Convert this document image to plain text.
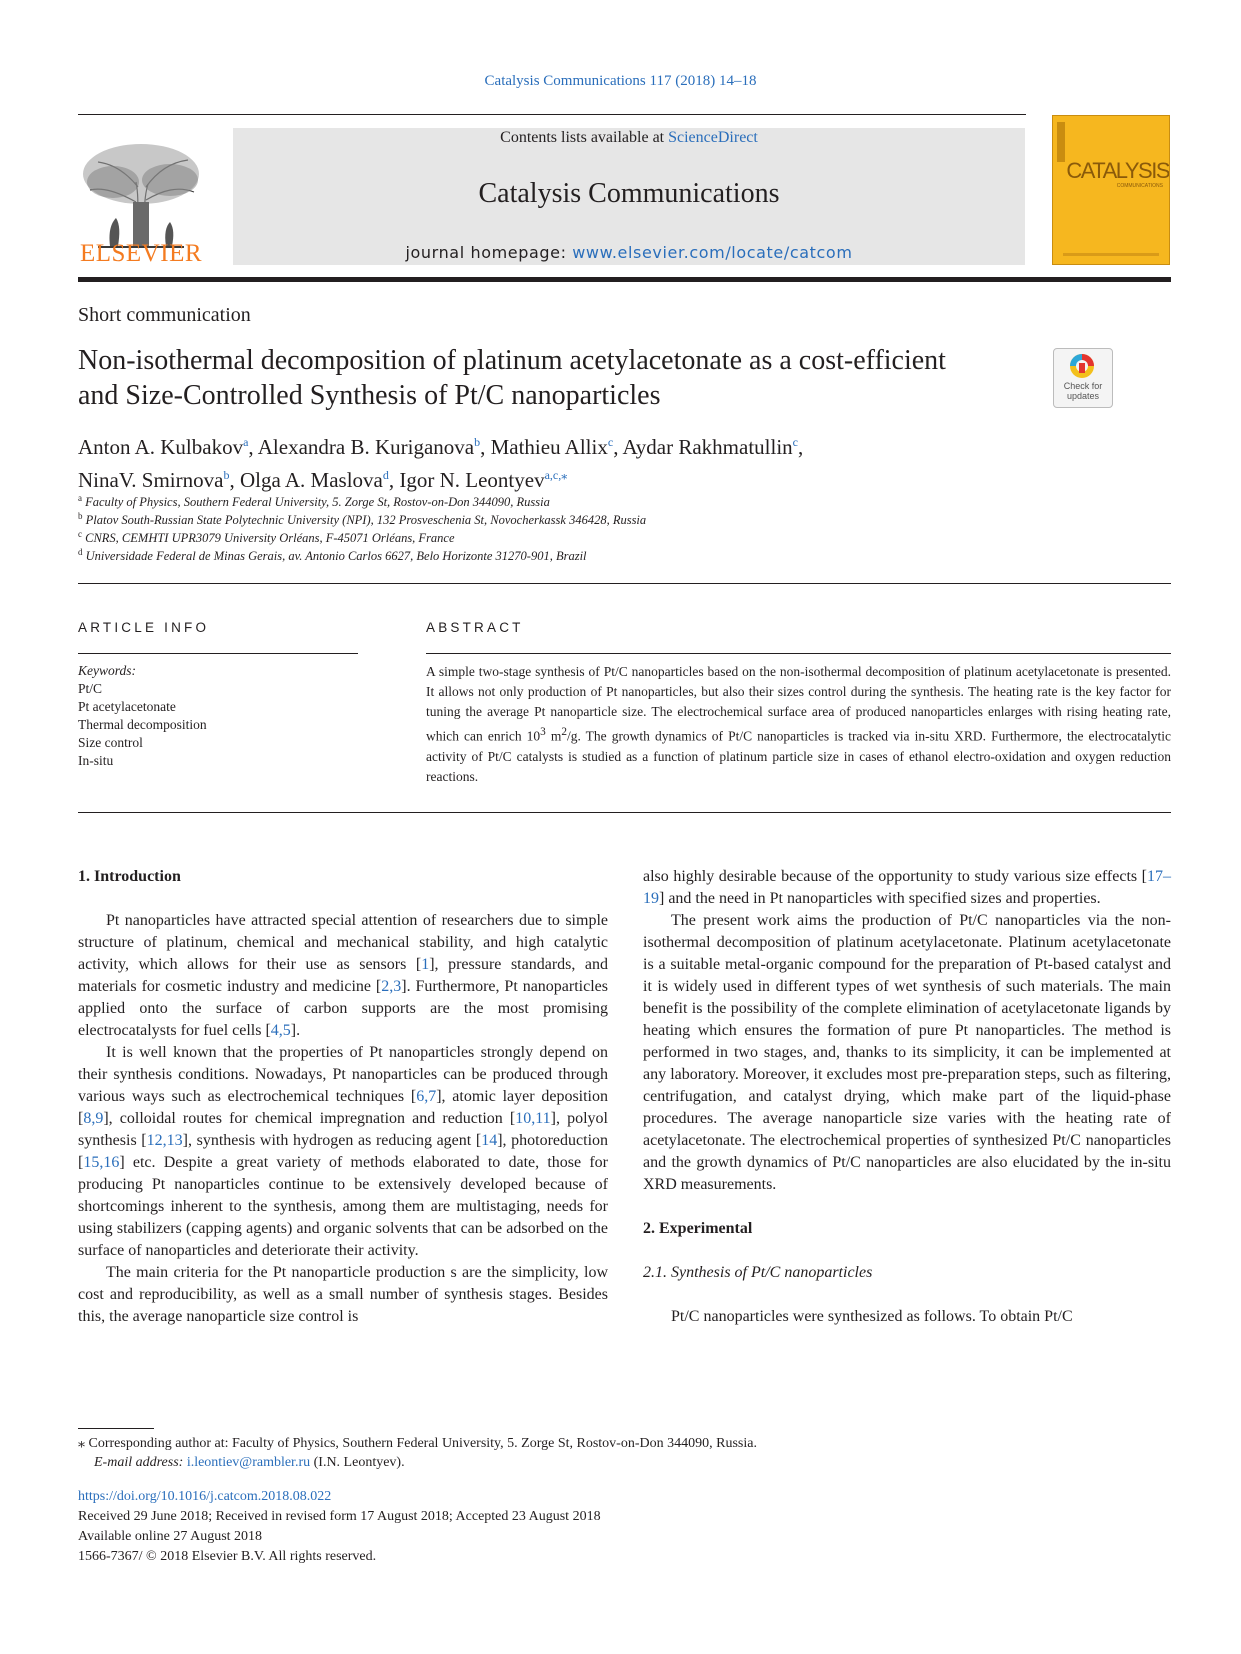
Catalysis Communications 117 (2018) 14–18
ELSEVIER
Contents lists available at ScienceDirect
Catalysis Communications
journal homepage: www.elsevier.com/locate/catcom
CATALYSIS
COMMUNICATIONS
Short communication
Non-isothermal decomposition of platinum acetylacetonate as a cost-efficient and Size-Controlled Synthesis of Pt/C nanoparticles	Check for updates
Anton A. Kulbakov$^a$, Alexandra B. Kuriganova$^b$, Mathieu Allix$^c$, Aydar Rakhmatullin$^c$,
NinaV. Smirnova$^b$, Olga A. Maslova$^d$, Igor N. Leontyev$^{a,c,⁎}$
$^a$ Faculty of Physics, Southern Federal University, 5. Zorge St, Rostov-on-Don 344090, Russia
$^b$ Platov South-Russian State Polytechnic University (NPI), 132 Prosveschenia St, Novocherkassk 346428, Russia
$^c$ CNRS, CEMHTI UPR3079 University Orléans, F-45071 Orléans, France
$^d$ Universidade Federal de Minas Gerais, av. Antonio Carlos 6627, Belo Horizonte 31270-901, Brazil
ARTICLE INFO	ABSTRACT
Keywords:
Pt/C
Pt acetylacetonate
Thermal decomposition
Size control
In-situ
A simple two-stage synthesis of Pt/C nanoparticles based on the non-isothermal decomposition of platinum acetylacetonate is presented. It allows not only production of Pt nanoparticles, but also their sizes control during the synthesis. The heating rate is the key factor for tuning the average Pt nanoparticle size. The electrochemical surface area of produced nanoparticles enlarges with rising heating rate, which can enrich $10^3$ $m^2/g$. The growth dynamics of Pt/C nanoparticles is tracked via in-situ XRD. Furthermore, the electrocatalytic activity of Pt/C catalysts is studied as a function of platinum particle size in cases of ethanol electro-oxidation and oxygen reduction reactions.
1. Introduction

Pt nanoparticles have attracted special attention of researchers due to simple structure of platinum, chemical and mechanical stability, and high catalytic activity, which allows for their use as sensors [1], pressure standards, and materials for cosmetic industry and medicine [2,3]. Furthermore, Pt nanoparticles applied onto the surface of carbon supports are the most promising electrocatalysts for fuel cells [4,5].

It is well known that the properties of Pt nanoparticles strongly depend on their synthesis conditions. Nowadays, Pt nanoparticles can be produced through various ways such as electrochemical techniques [6,7], atomic layer deposition [8,9], colloidal routes for chemical impregnation and reduction [10,11], polyol synthesis [12,13], synthesis with hydrogen as reducing agent [14], photoreduction [15,16] etc. Despite a great variety of methods elaborated to date, those for producing Pt nanoparticles continue to be extensively developed because of shortcomings inherent to the synthesis, among them are multistaging, needs for using stabilizers (capping agents) and organic solvents that can be adsorbed on the surface of nanoparticles and deteriorate their activity.

The main criteria for the Pt nanoparticle production s are the simplicity, low cost and reproducibility, as well as a small number of synthesis stages. Besides this, the average nanoparticle size control is

also highly desirable because of the opportunity to study various size effects [17–19] and the need in Pt nanoparticles with specified sizes and properties.

The present work aims the production of Pt/C nanoparticles via the non-isothermal decomposition of platinum acetylacetonate. Platinum acetylacetonate is a suitable metal-organic compound for the preparation of Pt-based catalyst and it is widely used in different types of wet synthesis of such materials. The main benefit is the possibility of the complete elimination of acetylacetonate ligands by heating which ensures the formation of pure Pt nanoparticles. The method is performed in two stages, and, thanks to its simplicity, it can be implemented at any laboratory. Moreover, it excludes most pre-preparation steps, such as filtering, centrifugation, and catalyst drying, which make part of the liquid-phase procedures. The average nanoparticle size varies with the heating rate of acetylacetonate. The electrochemical properties of synthesized Pt/C nanoparticles and the growth dynamics of Pt/C nanoparticles are also elucidated by the in-situ XRD measurements.

2. Experimental
2.1. Synthesis of Pt/C nanoparticles

Pt/C nanoparticles were synthesized as follows. To obtain Pt/C

⁎ Corresponding author at: Faculty of Physics, Southern Federal University, 5. Zorge St, Rostov-on-Don 344090, Russia.
E-mail address: i.leontiev@rambler.ru (I.N. Leontyev).
https://doi.org/10.1016/j.catcom.2018.08.022
Received 29 June 2018; Received in revised form 17 August 2018; Accepted 23 August 2018
Available online 27 August 2018
1566-7367/ © 2018 Elsevier B.V. All rights reserved.
